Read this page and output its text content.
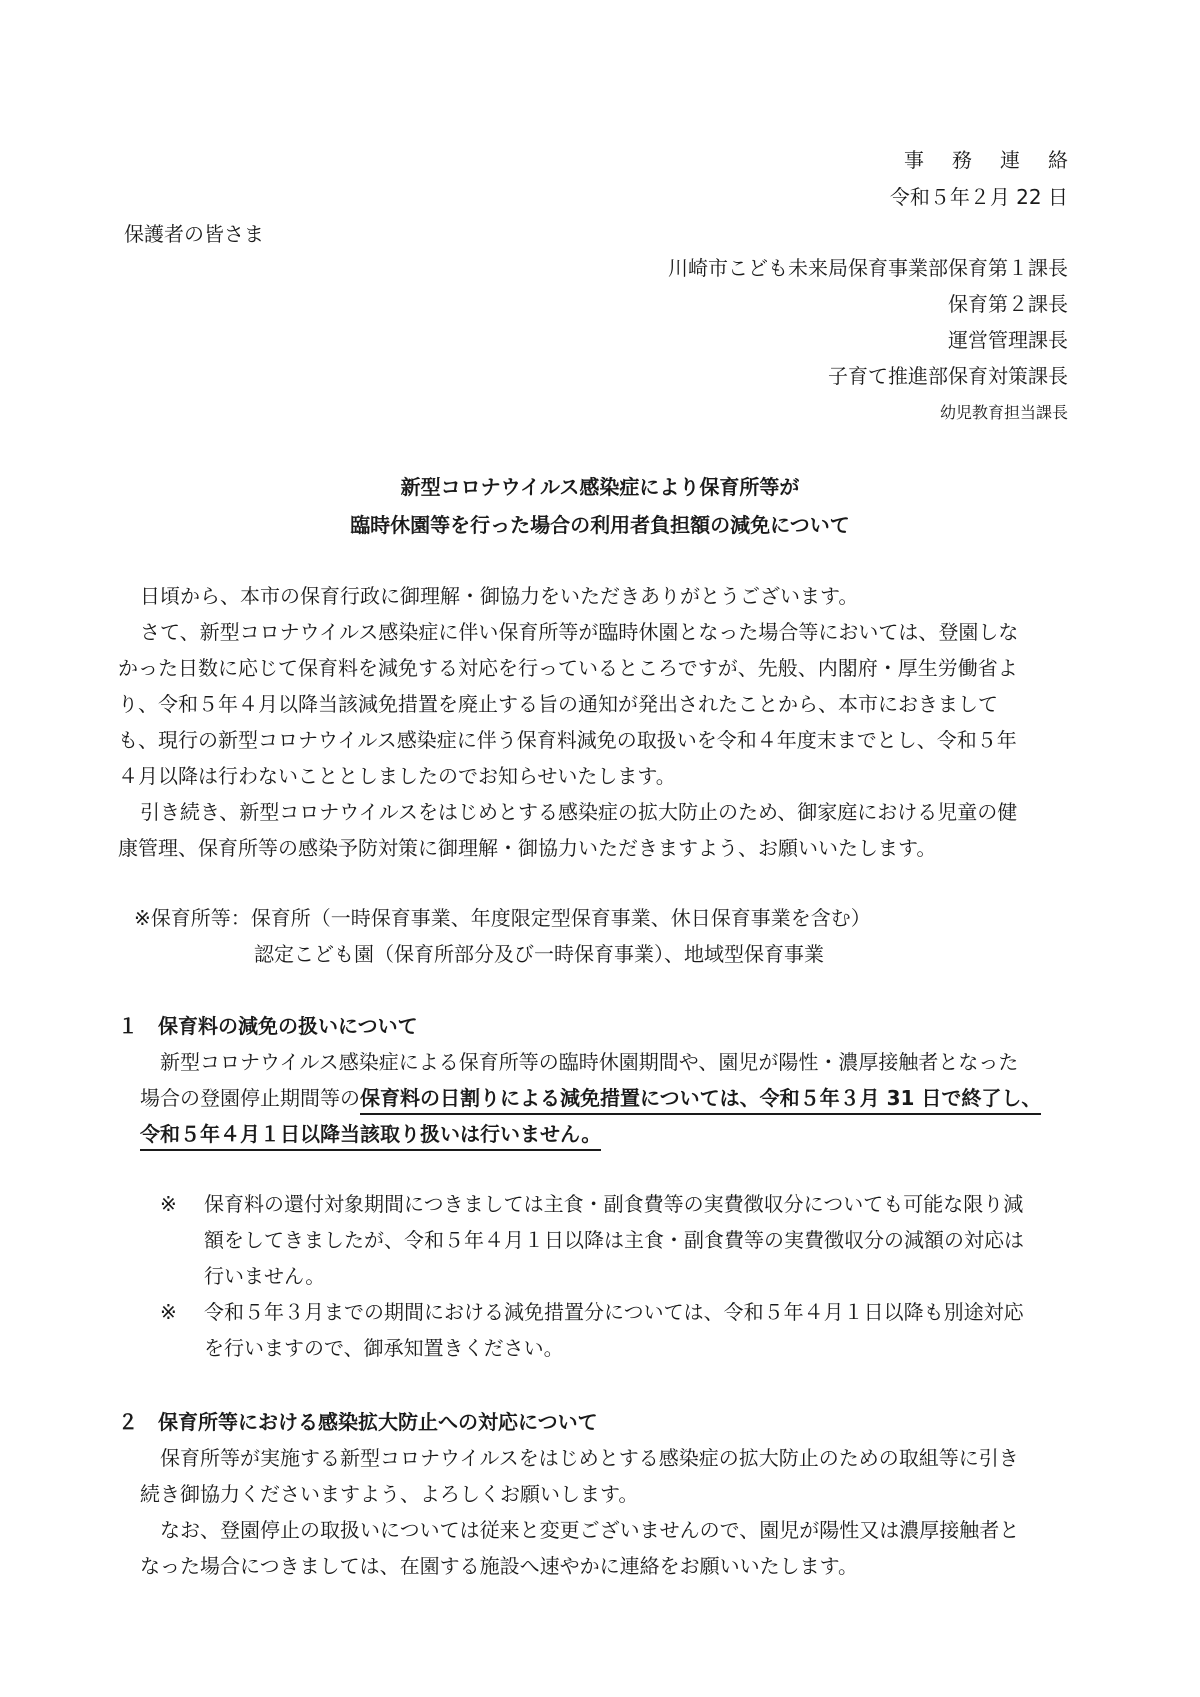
事務連絡
令和５年２月 22 日
保護者の皆さま
川崎市こども未来局保育事業部保育第１課長
保育第２課長
運営管理課長
子育て推進部保育対策課長
幼児教育担当課長
新型コロナウイルス感染症により保育所等が
臨時休園等を行った場合の利用者負担額の減免について
日頃から、本市の保育行政に御理解・御協力をいただきありがとうございます。
さて、新型コロナウイルス感染症に伴い保育所等が臨時休園となった場合等においては、登園しな
かった日数に応じて保育料を減免する対応を行っているところですが、先般、内閣府・厚生労働省よ
り、令和５年４月以降当該減免措置を廃止する旨の通知が発出されたことから、本市におきまして
も、現行の新型コロナウイルス感染症に伴う保育料減免の取扱いを令和４年度末までとし、令和５年
４月以降は行わないこととしましたのでお知らせいたします。
引き続き、新型コロナウイルスをはじめとする感染症の拡大防止のため、御家庭における児童の健
康管理、保育所等の感染予防対策に御理解・御協力いただきますよう、お願いいたします。
※保育所等：保育所（一時保育事業、年度限定型保育事業、休日保育事業を含む）
認定こども園（保育所部分及び一時保育事業）、地域型保育事業
１　保育料の減免の扱いについて
新型コロナウイルス感染症による保育所等の臨時休園期間や、園児が陽性・濃厚接触者となった
場合の登園停止期間等の保育料の日割りによる減免措置については、令和５年３月 31 日で終了し、
令和５年４月１日以降当該取り扱いは行いません。
※ 保育料の還付対象期間につきましては主食・副食費等の実費徴収分についても可能な限り減
額をしてきましたが、令和５年４月１日以降は主食・副食費等の実費徴収分の減額の対応は
行いません。
※ 令和５年３月までの期間における減免措置分については、令和５年４月１日以降も別途対応
を行いますので、御承知置きください。
２　保育所等における感染拡大防止への対応について
保育所等が実施する新型コロナウイルスをはじめとする感染症の拡大防止のための取組等に引き
続き御協力くださいますよう、よろしくお願いします。
なお、登園停止の取扱いについては従来と変更ございませんので、園児が陽性又は濃厚接触者と
なった場合につきましては、在園する施設へ速やかに連絡をお願いいたします。
